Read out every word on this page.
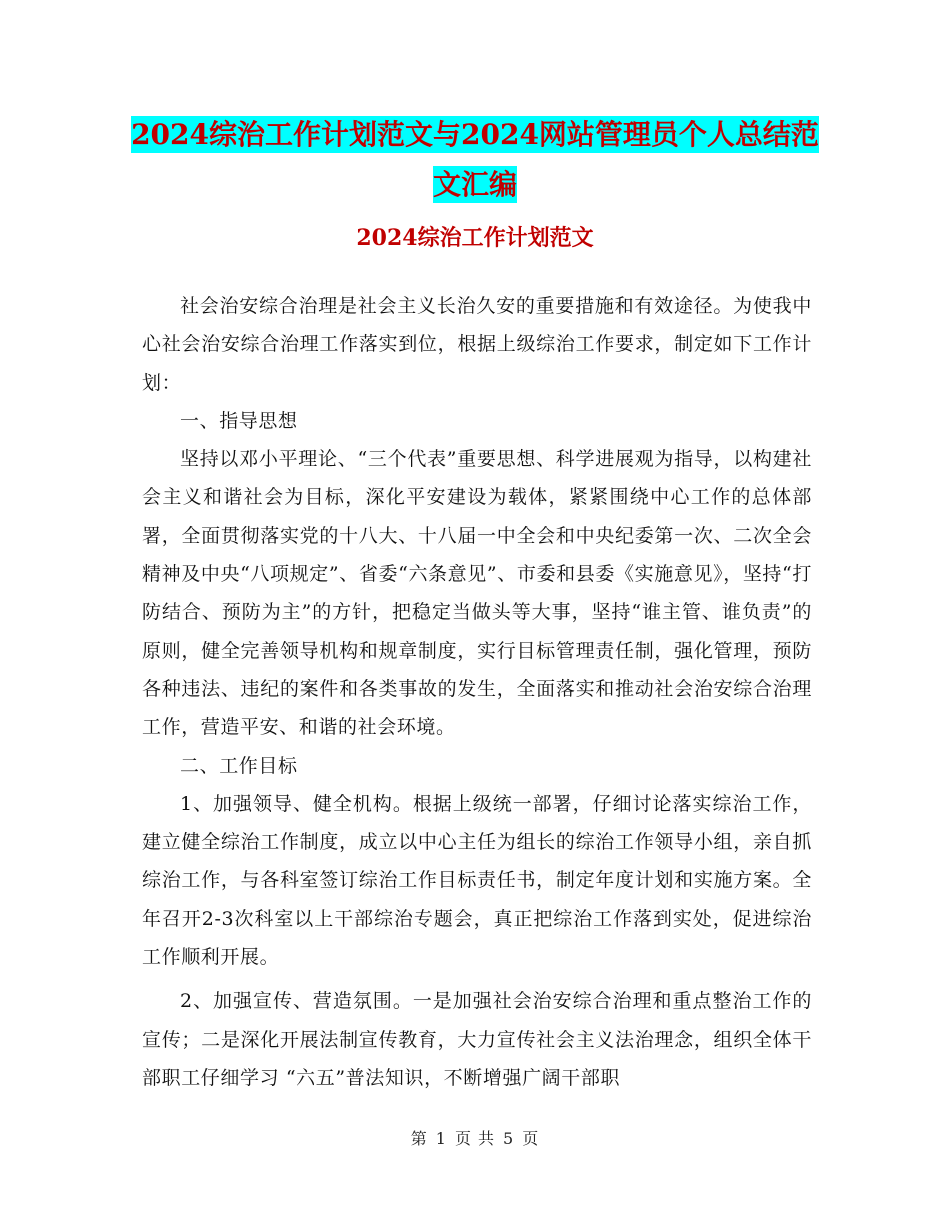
2024综治工作计划范文与2024网站管理员个人总结范
文汇编
2024综治工作计划范文

社会治安综合治理是社会主义长治久安的重要措施和有效途径。为使我中心社会治安综合治理工作落实到位，根据上级综治工作要求，制定如下工作计划：

一、指导思想

坚持以邓小平理论、“三个代表”重要思想、科学进展观为指导，以构建社会主义和谐社会为目标，深化平安建设为载体，紧紧围绕中心工作的总体部署，全面贯彻落实党的十八大、十八届一中全会和中央纪委第一次、二次全会精神及中央“八项规定”、省委“六条意见”、市委和县委《实施意见》，坚持“打防结合、预防为主”的方针，把稳定当做头等大事，坚持“谁主管、谁负责”的原则，健全完善领导机构和规章制度，实行目标管理责任制，强化管理，预防各种违法、违纪的案件和各类事故的发生，全面落实和推动社会治安综合治理工作，营造平安、和谐的社会环境。

二、工作目标

1、加强领导、健全机构。根据上级统一部署，仔细讨论落实综治工作，建立健全综治工作制度，成立以中心主任为组长的综治工作领导小组，亲自抓综治工作，与各科室签订综治工作目标责任书，制定年度计划和实施方案。全年召开2-3次科室以上干部综治专题会，真正把综治工作落到实处，促进综治工作顺利开展。

2、加强宣传、营造氛围。一是加强社会治安综合治理和重点整治工作的宣传；二是深化开展法制宣传教育，大力宣传社会主义法治理念，组织全体干部职工仔细学习 “六五”普法知识，不断增强广阔干部职

第 1 页 共 5 页
